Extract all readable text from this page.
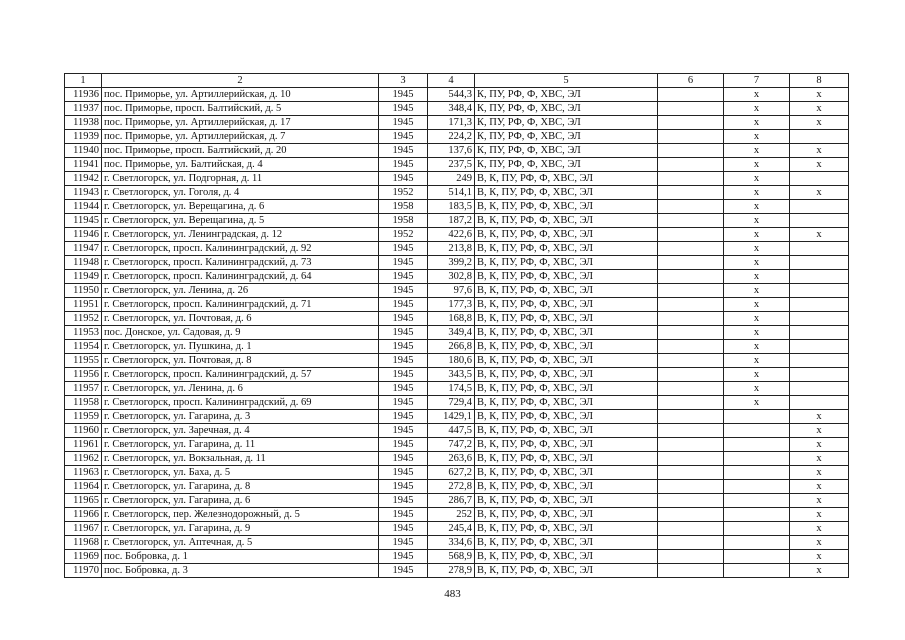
1	2	3	4	5	6	7	8
11936	пос. Приморье, ул. Артиллерийская, д. 10	1945	544,3	К, ПУ, РФ, Ф, ХВС, ЭЛ		х	х
11937	пос. Приморье, просп. Балтийский, д. 5	1945	348,4	К, ПУ, РФ, Ф, ХВС, ЭЛ		х	х
11938	пос. Приморье, ул. Артиллерийская, д. 17	1945	171,3	К, ПУ, РФ, Ф, ХВС, ЭЛ		х	х
11939	пос. Приморье, ул. Артиллерийская, д. 7	1945	224,2	К, ПУ, РФ, Ф, ХВС, ЭЛ		х	
11940	пос. Приморье, просп. Балтийский, д. 20	1945	137,6	К, ПУ, РФ, Ф, ХВС, ЭЛ		х	х
11941	пос. Приморье, ул. Балтийская, д. 4	1945	237,5	К, ПУ, РФ, Ф, ХВС, ЭЛ		х	х
11942	г. Светлогорск, ул. Подгорная, д. 11	1945	249	В, К, ПУ, РФ, Ф, ХВС, ЭЛ		х	
11943	г. Светлогорск, ул. Гоголя, д. 4	1952	514,1	В, К, ПУ, РФ, Ф, ХВС, ЭЛ		х	х
11944	г. Светлогорск, ул. Верещагина, д. 6	1958	183,5	В, К, ПУ, РФ, Ф, ХВС, ЭЛ		х	
11945	г. Светлогорск, ул. Верещагина, д. 5	1958	187,2	В, К, ПУ, РФ, Ф, ХВС, ЭЛ		х	
11946	г. Светлогорск, ул. Ленинградская, д. 12	1952	422,6	В, К, ПУ, РФ, Ф, ХВС, ЭЛ		х	х
11947	г. Светлогорск, просп. Калининградский, д. 92	1945	213,8	В, К, ПУ, РФ, Ф, ХВС, ЭЛ		х	
11948	г. Светлогорск, просп. Калининградский, д. 73	1945	399,2	В, К, ПУ, РФ, Ф, ХВС, ЭЛ		х	
11949	г. Светлогорск, просп. Калининградский, д. 64	1945	302,8	В, К, ПУ, РФ, Ф, ХВС, ЭЛ		х	
11950	г. Светлогорск, ул. Ленина, д. 26	1945	97,6	В, К, ПУ, РФ, Ф, ХВС, ЭЛ		х	
11951	г. Светлогорск, просп. Калининградский, д. 71	1945	177,3	В, К, ПУ, РФ, Ф, ХВС, ЭЛ		х	
11952	г. Светлогорск, ул. Почтовая, д. 6	1945	168,8	В, К, ПУ, РФ, Ф, ХВС, ЭЛ		х	
11953	пос. Донское, ул. Садовая, д. 9	1945	349,4	В, К, ПУ, РФ, Ф, ХВС, ЭЛ		х	
11954	г. Светлогорск, ул. Пушкина, д. 1	1945	266,8	В, К, ПУ, РФ, Ф, ХВС, ЭЛ		х	
11955	г. Светлогорск, ул. Почтовая, д. 8	1945	180,6	В, К, ПУ, РФ, Ф, ХВС, ЭЛ		х	
11956	г. Светлогорск, просп. Калининградский, д. 57	1945	343,5	В, К, ПУ, РФ, Ф, ХВС, ЭЛ		х	
11957	г. Светлогорск, ул. Ленина, д. 6	1945	174,5	В, К, ПУ, РФ, Ф, ХВС, ЭЛ		х	
11958	г. Светлогорск, просп. Калининградский, д. 69	1945	729,4	В, К, ПУ, РФ, Ф, ХВС, ЭЛ		х	
11959	г. Светлогорск, ул. Гагарина, д. 3	1945	1429,1	В, К, ПУ, РФ, Ф, ХВС, ЭЛ			х
11960	г. Светлогорск, ул. Заречная, д. 4	1945	447,5	В, К, ПУ, РФ, Ф, ХВС, ЭЛ			х
11961	г. Светлогорск, ул. Гагарина, д. 11	1945	747,2	В, К, ПУ, РФ, Ф, ХВС, ЭЛ			х
11962	г. Светлогорск, ул. Вокзальная, д. 11	1945	263,6	В, К, ПУ, РФ, Ф, ХВС, ЭЛ			х
11963	г. Светлогорск, ул. Баха, д. 5	1945	627,2	В, К, ПУ, РФ, Ф, ХВС, ЭЛ			х
11964	г. Светлогорск, ул. Гагарина, д. 8	1945	272,8	В, К, ПУ, РФ, Ф, ХВС, ЭЛ			х
11965	г. Светлогорск, ул. Гагарина, д. 6	1945	286,7	В, К, ПУ, РФ, Ф, ХВС, ЭЛ			х
11966	г. Светлогорск, пер. Железнодорожный, д. 5	1945	252	В, К, ПУ, РФ, Ф, ХВС, ЭЛ			х
11967	г. Светлогорск, ул. Гагарина, д. 9	1945	245,4	В, К, ПУ, РФ, Ф, ХВС, ЭЛ			х
11968	г. Светлогорск, ул. Аптечная, д. 5	1945	334,6	В, К, ПУ, РФ, Ф, ХВС, ЭЛ			х
11969	пос. Бобровка, д. 1	1945	568,9	В, К, ПУ, РФ, Ф, ХВС, ЭЛ			х
11970	пос. Бобровка, д. 3	1945	278,9	В, К, ПУ, РФ, Ф, ХВС, ЭЛ			х
483
